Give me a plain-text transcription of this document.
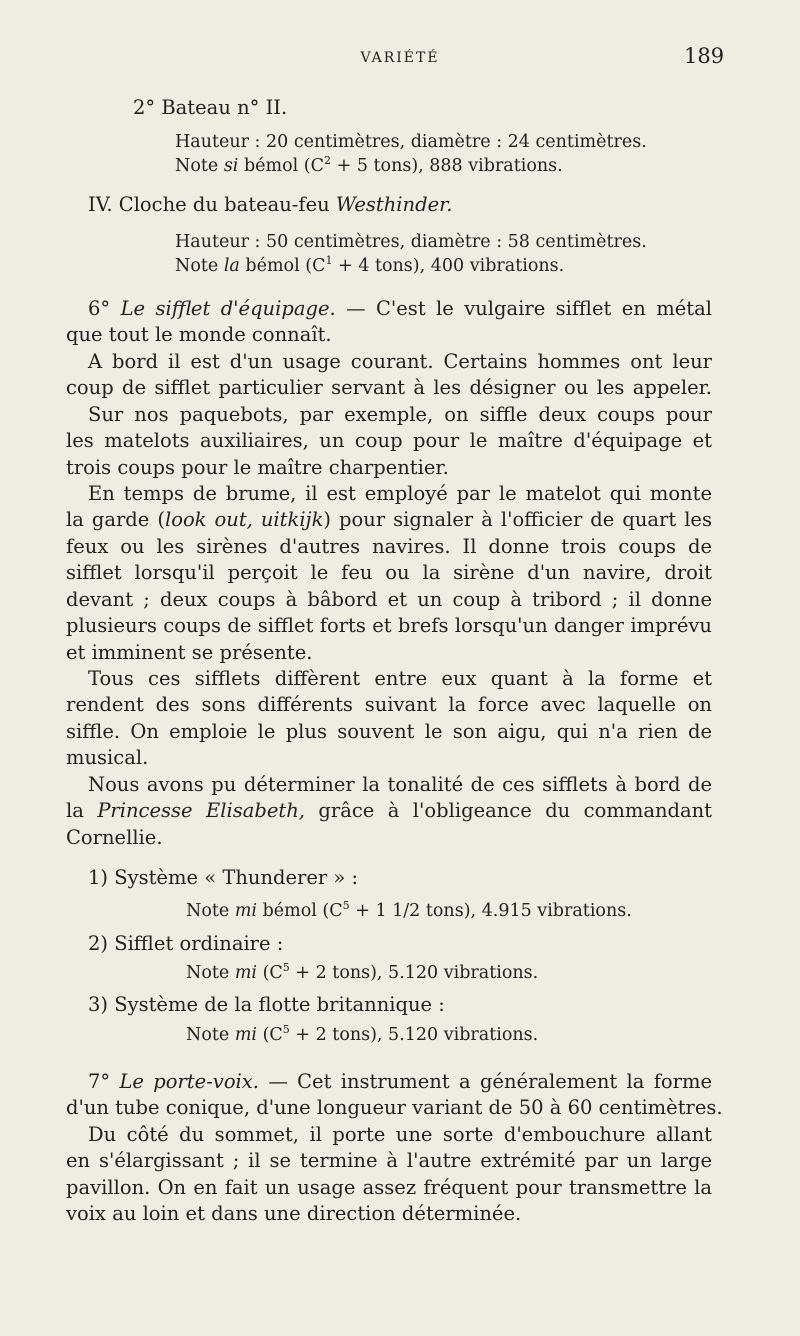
VARIÉTÉ	189
2° Bateau n° II.
Hauteur : 20 centimètres, diamètre : 24 centimètres.
Note si bémol ($C^2 + 5$ tons), 888 vibrations.
IV. Cloche du bateau-feu Westhinder.
Hauteur : 50 centimètres, diamètre : 58 centimètres.
Note la bémol ($C^1 + 4$ tons), 400 vibrations.
6° Le sifflet d'équipage. — C'est le vulgaire sifflet en métal
que tout le monde connaît.
A bord il est d'un usage courant. Certains hommes ont leur
coup de sifflet particulier servant à les désigner ou les appeler.
Sur nos paquebots, par exemple, on siffle deux coups pour
les matelots auxiliaires, un coup pour le maître d'équipage et
trois coups pour le maître charpentier.
En temps de brume, il est employé par le matelot qui monte
la garde (look out, uitkijk) pour signaler à l'officier de quart les
feux ou les sirènes d'autres navires. Il donne trois coups de
sifflet lorsqu'il perçoit le feu ou la sirène d'un navire, droit
devant ; deux coups à bâbord et un coup à tribord ; il donne
plusieurs coups de sifflet forts et brefs lorsqu'un danger imprévu
et imminent se présente.
Tous ces sifflets diffèrent entre eux quant à la forme et
rendent des sons différents suivant la force avec laquelle on
siffle. On emploie le plus souvent le son aigu, qui n'a rien de
musical.
Nous avons pu déterminer la tonalité de ces sifflets à bord de
la Princesse Elisabeth, grâce à l'obligeance du commandant
Cornellie.
1) Système « Thunderer » :
Note mi bémol ($C^5 + 1$ 1/2 tons), 4.915 vibrations.
2) Sifflet ordinaire :
Note mi ($C^5 + 2$ tons), 5.120 vibrations.
3) Système de la flotte britannique :
Note mi ($C^5 + 2$ tons), 5.120 vibrations.
7° Le porte-voix. — Cet instrument a généralement la forme
d'un tube conique, d'une longueur variant de 50 à 60 centimètres.
Du côté du sommet, il porte une sorte d'embouchure allant
en s'élargissant ; il se termine à l'autre extrémité par un large
pavillon. On en fait un usage assez fréquent pour transmettre la
voix au loin et dans une direction déterminée.
